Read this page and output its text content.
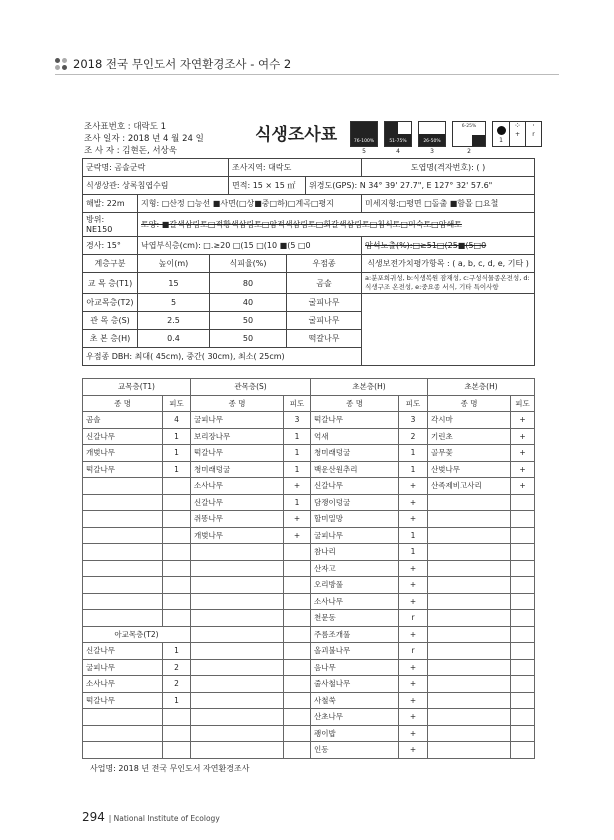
2018 전국 무인도서 자연환경조사 - 여수 2
조사표번호 : 대락도 1
조사 일자 : 2018 년 4 월 24 일
조 사 자 : 김현돈, 서상욱
식생조사표	76-100%
5
51-75%
4
26-50%
3
6-25%
2
1
⁘
+
·
r
군락명: 곰솔군락			조사지역: 대락도			도엽명(격자번호): ( )
식생상관: 상록침엽수림			면적: 15 × 15 ㎡		위경도(GPS): N 34° 39' 27.7", E 127° 32' 57.6"	
해발: 22m	지형: □산정 □능선 ■사면(□상■중□하)□계곡□평지					미세지형:□평면 □돌출 ■함몰 □요철

방위:
NE150	토양: ■갈색삼림토□적황색삼림토□암적색삼림토□회갈색삼림토□침식토□미숙토□암쇄토					
경사: 15°	낙엽부식층(cm): □.≥20 □(15 □(10 ■(5 □0					암석노출(%):□≥51□(25■(5□0
계층구분	높이(m)	식피율(%)		우점종		식생보전가치평가항목 : ( a, b, c, d, e, 기타 )
교 목 층(T1)	15	80		곰솔		a:분포희귀성, b:식생복원 잠재성, c:구성식물종온전성, d:식생구조 온전성, e:중요종 서식, 기타 특이사항
아교목층(T2)	5	40		굴피나무		
관 목 층(S)	2.5	50		굴피나무		
초 본 층(H)	0.4	50		떡갈나무		
우점종 DBH: 최대( 45cm), 중간( 30cm), 최소( 25cm)						
교목층(T1)		관목층(S)		초본층(H)		초본층(H)	
종 명	피도	종 명	피도	종 명	피도	종 명	피도
곰솔	4	굴피나무	3	떡갈나무	3	각시마	+
신갈나무	1	보리장나무	1	억새	2	기린초	+
개벚나무	1	떡갈나무	1	청미래덩굴	1	골무꽃	+
떡갈나무	1	청미래덩굴	1	백운산원추리	1	산벚나무	+
		소사나무	+	신갈나무	+	산족제비고사리	+
		신갈나무	1	담쟁이덩굴	+		
		쥐똥나무	+	할미밀망	+		
		개벚나무	+	굴피나무	1		
				참나리	1		
				산자고	+		
				오리방풀	+		
				소사나무	+		
				천문동	r		
아교목층(T2)				주름조개풀	+		
신갈나무	1			올괴불나무	r		
굴피나무	2			음나무	+		
소사나무	2			줄사철나무	+		
떡갈나무	1			사철쑥	+		
				산초나무	+		
				괭이밥	+		
				인동	+		
사업명: 2018 년 전국 무인도서 자연환경조사
294 | National Institute of Ecology
